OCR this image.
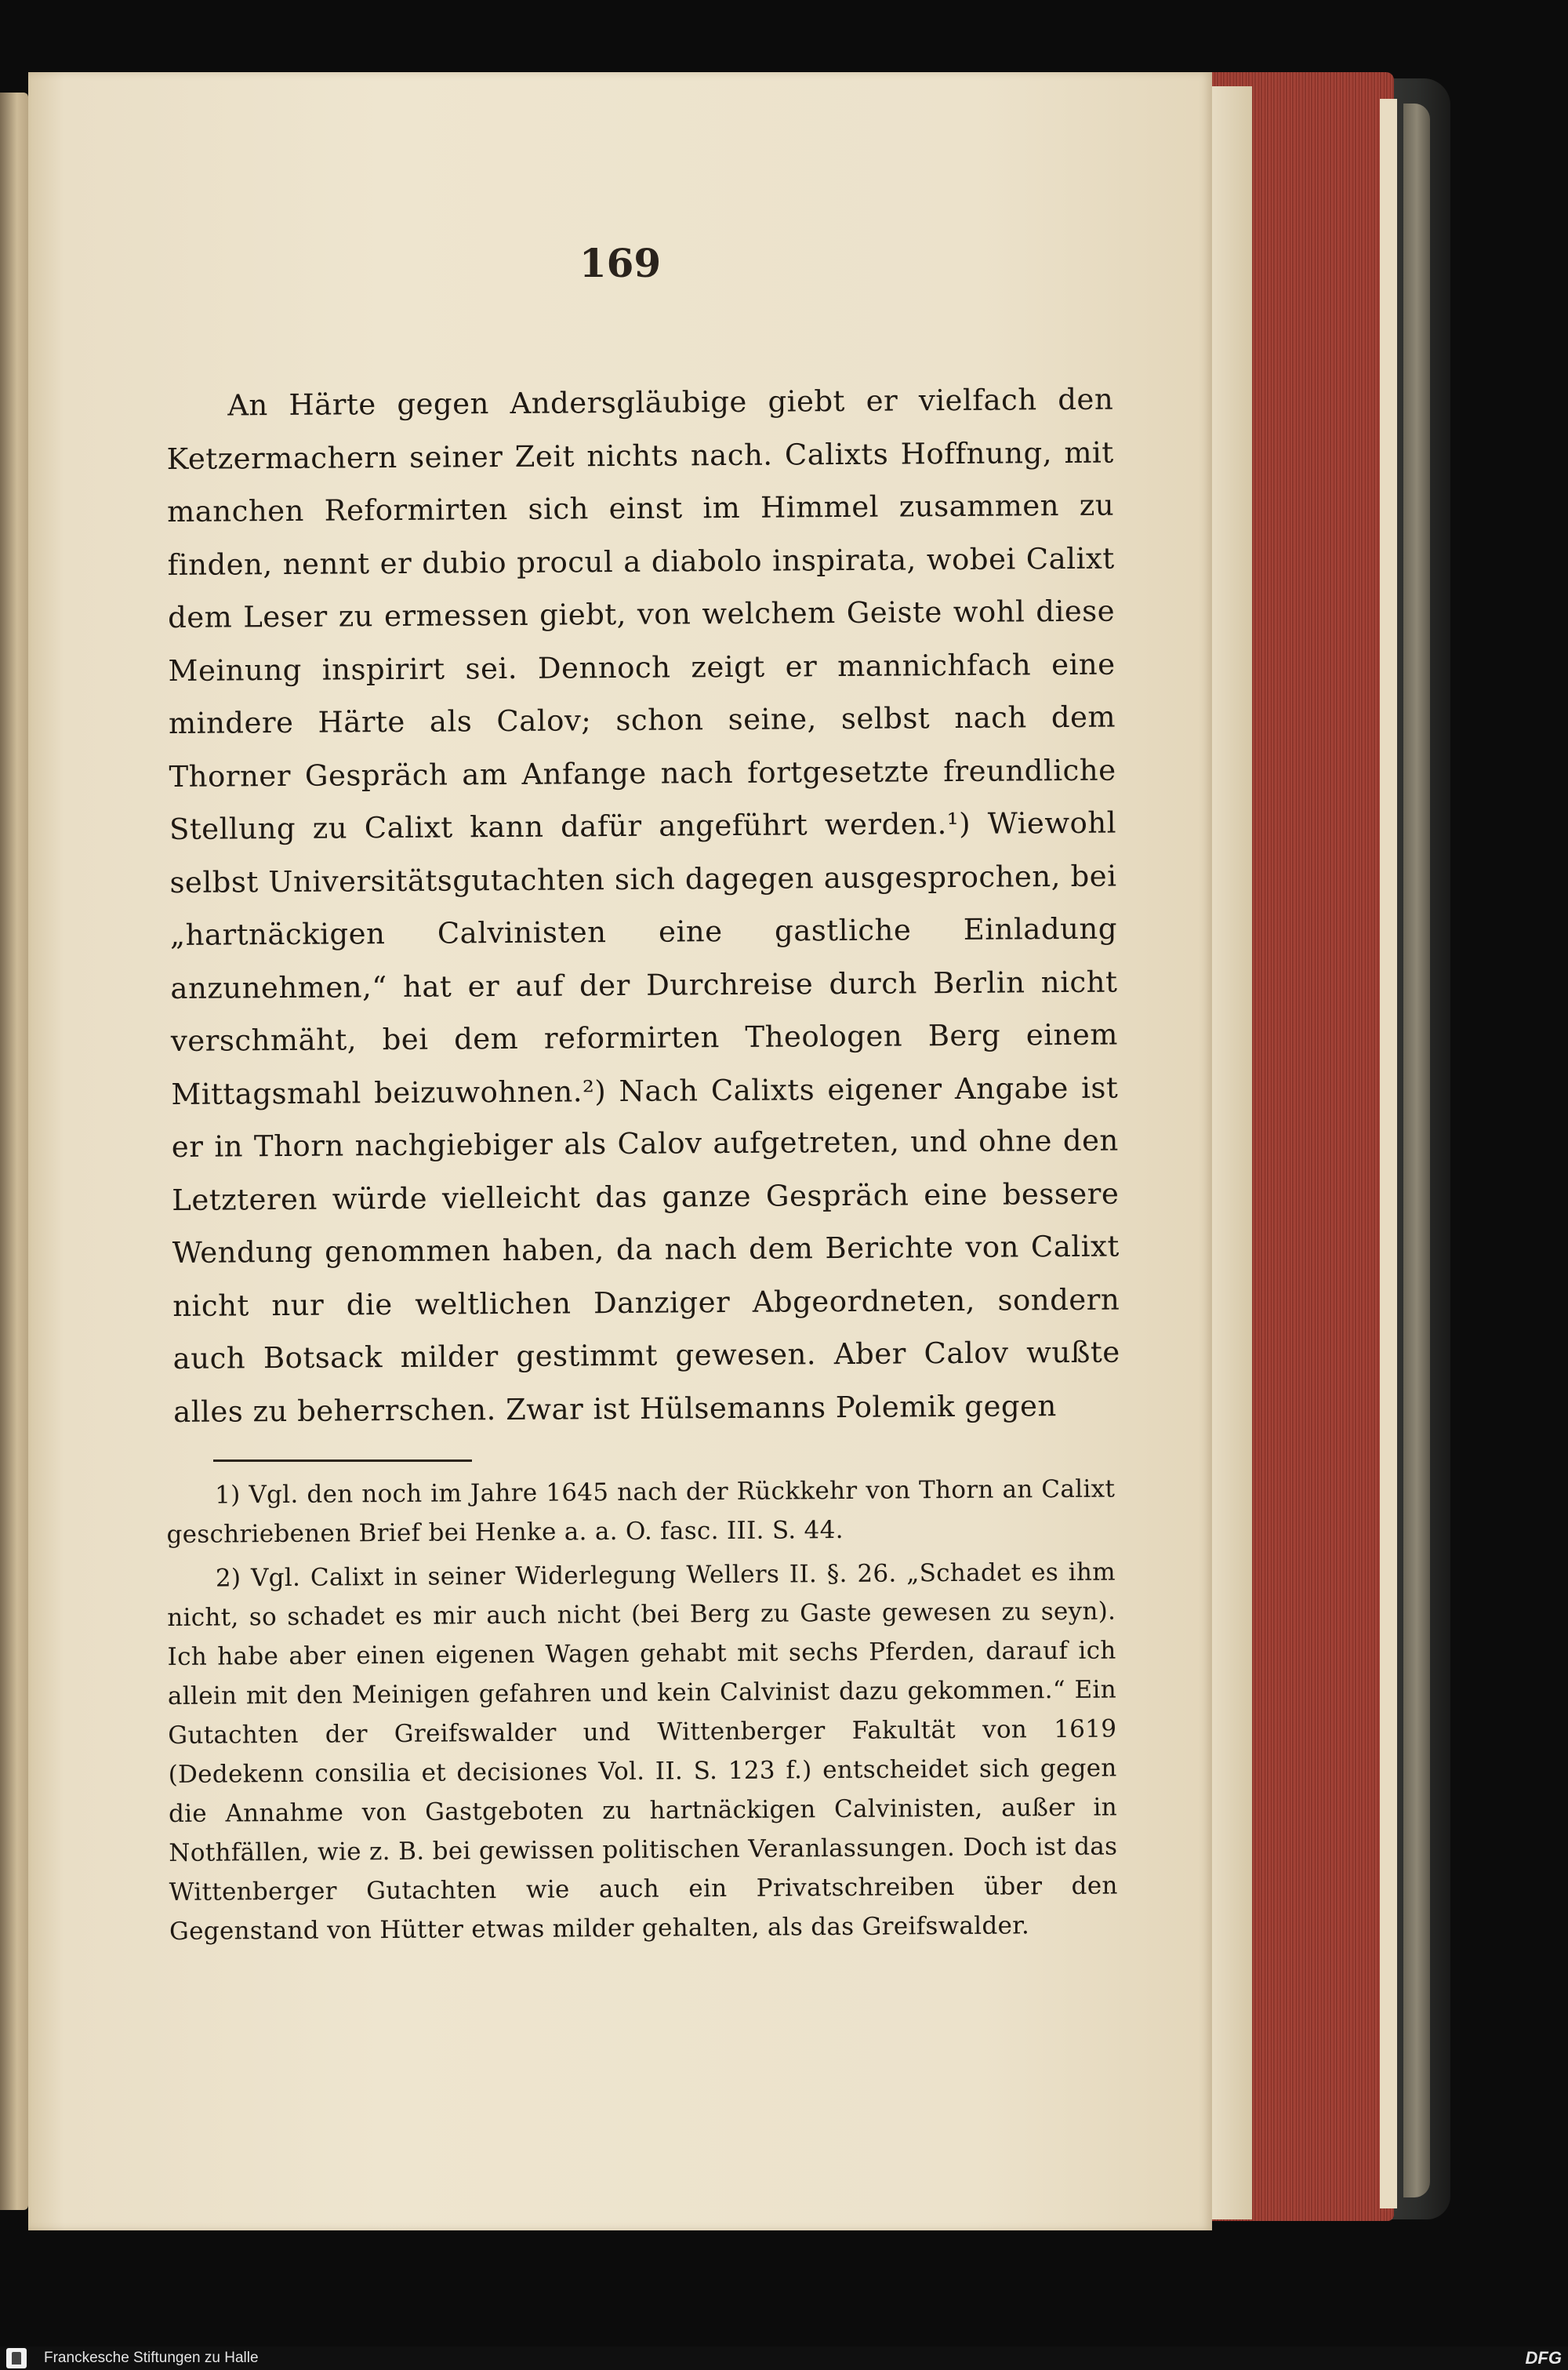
169

An Härte gegen Andersgläubige giebt er vielfach den Ketzermachern seiner Zeit nichts nach. Calixts Hoffnung, mit manchen Reformirten sich einst im Himmel zusammen zu finden, nennt er dubio procul a diabolo inspirata, wobei Calixt dem Leser zu ermessen giebt, von welchem Geiste wohl diese Meinung inspirirt sei. Dennoch zeigt er mannichfach eine mindere Härte als Calov; schon seine, selbst nach dem Thorner Gespräch am Anfange nach fortgesetzte freundliche Stellung zu Calixt kann dafür angeführt werden.¹) Wiewohl selbst Universitätsgutachten sich dagegen ausgesprochen, bei „hartnäckigen Calvinisten eine gastliche Einladung anzunehmen,“ hat er auf der Durchreise durch Berlin nicht verschmäht, bei dem reformirten Theologen Berg einem Mittagsmahl beizuwohnen.²) Nach Calixts eigener Angabe ist er in Thorn nachgiebiger als Calov aufgetreten, und ohne den Letzteren würde vielleicht das ganze Gespräch eine bessere Wendung genommen haben, da nach dem Berichte von Calixt nicht nur die weltlichen Danziger Abgeordneten, sondern auch Botsack milder gestimmt gewesen. Aber Calov wußte alles zu beherrschen. Zwar ist Hülsemanns Polemik gegen

1) Vgl. den noch im Jahre 1645 nach der Rückkehr von Thorn an Calixt geschriebenen Brief bei Henke a. a. O. fasc. III. S. 44.

2) Vgl. Calixt in seiner Widerlegung Wellers II. §. 26. „Schadet es ihm nicht, so schadet es mir auch nicht (bei Berg zu Gaste gewesen zu seyn). Ich habe aber einen eigenen Wagen gehabt mit sechs Pferden, darauf ich allein mit den Meinigen gefahren und kein Calvinist dazu gekommen.“ Ein Gutachten der Greifswalder und Wittenberger Fakultät von 1619 (Dedekenn consilia et decisiones Vol. II. S. 123 f.) entscheidet sich gegen die Annahme von Gastgeboten zu hartnäckigen Calvinisten, außer in Nothfällen, wie z. B. bei gewissen politischen Veranlassungen. Doch ist das Wittenberger Gutachten wie auch ein Privatschreiben über den Gegenstand von Hütter etwas milder gehalten, als das Greifswalder.

Franckesche Stiftungen zu Halle	DFG
